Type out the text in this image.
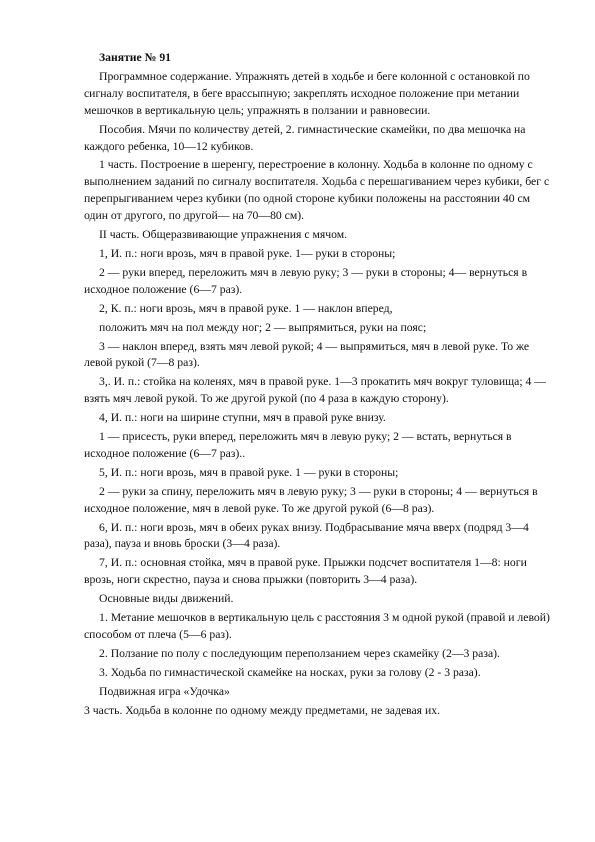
Занятие № 91

Программное содержание. Упражнять детей в ходьбе и беге колонной с остановкой по сигналу воспитателя, в беге врассыпную; закреплять исходное положение при метании мешочков в вертикальную цель; упражнять в ползании и равновесии.

Пособия. Мячи по количеству детей, 2. гимнастические скамейки, по два мешочка на каждого ребенка, 10—12 кубиков.

1 часть. Построение в шеренгу, перестроение в колонну. Ходьба в колонне по одному с выполнением заданий по сигналу воспитателя. Ходьба с перешагиванием через кубики, бег с перепрыгиванием через кубики (по одной стороне кубики положены на расстоянии 40 см один от другого, по другой— на 70—80 см).

II часть. Общеразвивающие упражнения с мячом.

1, И. п.: ноги врозь, мяч в правой руке. 1— руки в стороны;

2 — руки вперед, переложить мяч в левую руку; 3 — руки в стороны; 4— вернуться в исходное положение (6—7 раз).

2, К. п.: ноги врозь, мяч в правой руке. 1 — наклон вперед,

положить мяч на пол между ног; 2 — выпрямиться, руки на пояс;

3 — наклон вперед, взять мяч левой рукой; 4 — выпрямиться, мяч в левой руке. То же левой рукой (7—8 раз).

3,. И. п.: стойка на коленях, мяч в правой руке. 1—3 прокатить мяч вокруг туловища; 4 — взять мяч левой рукой. То же другой рукой (по 4 раза в каждую сторону).

4, И. п.: ноги на ширине ступни, мяч в правой руке внизу.

1 — присесть, руки вперед, переложить мяч в левую руку; 2 — встать, вернуться в исходное положение (6—7 раз)..

5, И. п.: ноги врозь, мяч в правой руке. 1 — руки в стороны;

2 — руки за спину, переложить мяч в левую руку; 3 — руки в стороны; 4 — вернуться в исходное положение, мяч в левой руке. То же другой рукой (6—8 раз).

6, И. п.: ноги врозь, мяч в обеих руках внизу. Подбрасывание мяча вверх (подряд 3—4 раза), пауза и вновь броски (3—4 раза).

7, И. п.: основная стойка, мяч в правой руке. Прыжки подсчет воспитателя 1—8: ноги врозь, ноги скрестно, пауза и снова прыжки (повторить 3—4 раза).

Основные виды движений.

1. Метание мешочков в вертикальную цель с расстояния 3 м одной рукой (правой и левой) способом от плеча (5—6 раз).

2. Ползание по полу с последующим переползанием через скамейку (2—3 раза).

3. Ходьба по гимнастической скамейке на носках, руки за голову (2 - 3 раза).

Подвижная игра «Удочка»

3 часть. Ходьба в колонне по одному между предметами, не задевая их.
